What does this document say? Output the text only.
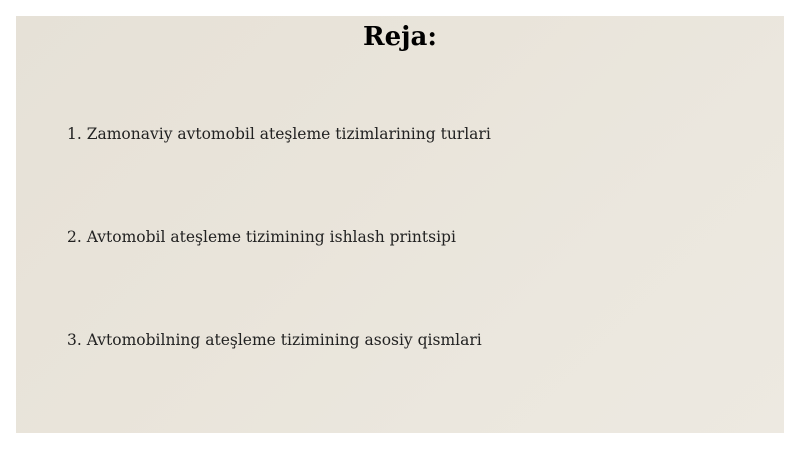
Reja:

1. Zamonaviy avtomobil ateşleme tizimlarining turlari

2. Avtomobil ateşleme tizimining ishlash printsipi

3. Avtomobilning ateşleme tizimining asosiy qismlari
